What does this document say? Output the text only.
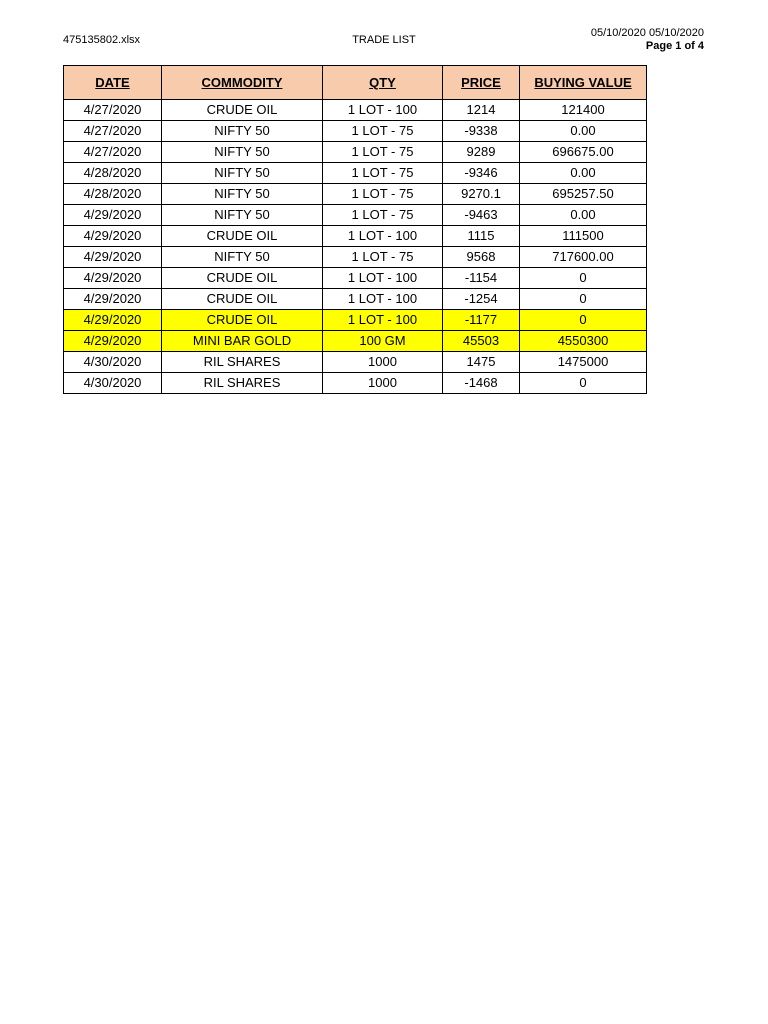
475135802.xlsx	TRADE LIST
05/10/2020 05/10/2020
Page 1 of 4
DATE	COMMODITY	QTY	PRICE	BUYING VALUE
4/27/2020	CRUDE OIL	1 LOT - 100	1214	121400
4/27/2020	NIFTY 50	1 LOT - 75	-9338	0.00
4/27/2020	NIFTY 50	1 LOT - 75	9289	696675.00
4/28/2020	NIFTY 50	1 LOT - 75	-9346	0.00
4/28/2020	NIFTY 50	1 LOT - 75	9270.1	695257.50
4/29/2020	NIFTY 50	1 LOT - 75	-9463	0.00
4/29/2020	CRUDE OIL	1 LOT - 100	1115	111500
4/29/2020	NIFTY 50	1 LOT - 75	9568	717600.00
4/29/2020	CRUDE OIL	1 LOT - 100	-1154	0
4/29/2020	CRUDE OIL	1 LOT - 100	-1254	0
4/29/2020	CRUDE OIL	1 LOT - 100	-1177	0
4/29/2020	MINI BAR GOLD	100 GM	45503	4550300
4/30/2020	RIL SHARES	1000	1475	1475000
4/30/2020	RIL SHARES	1000	-1468	0
